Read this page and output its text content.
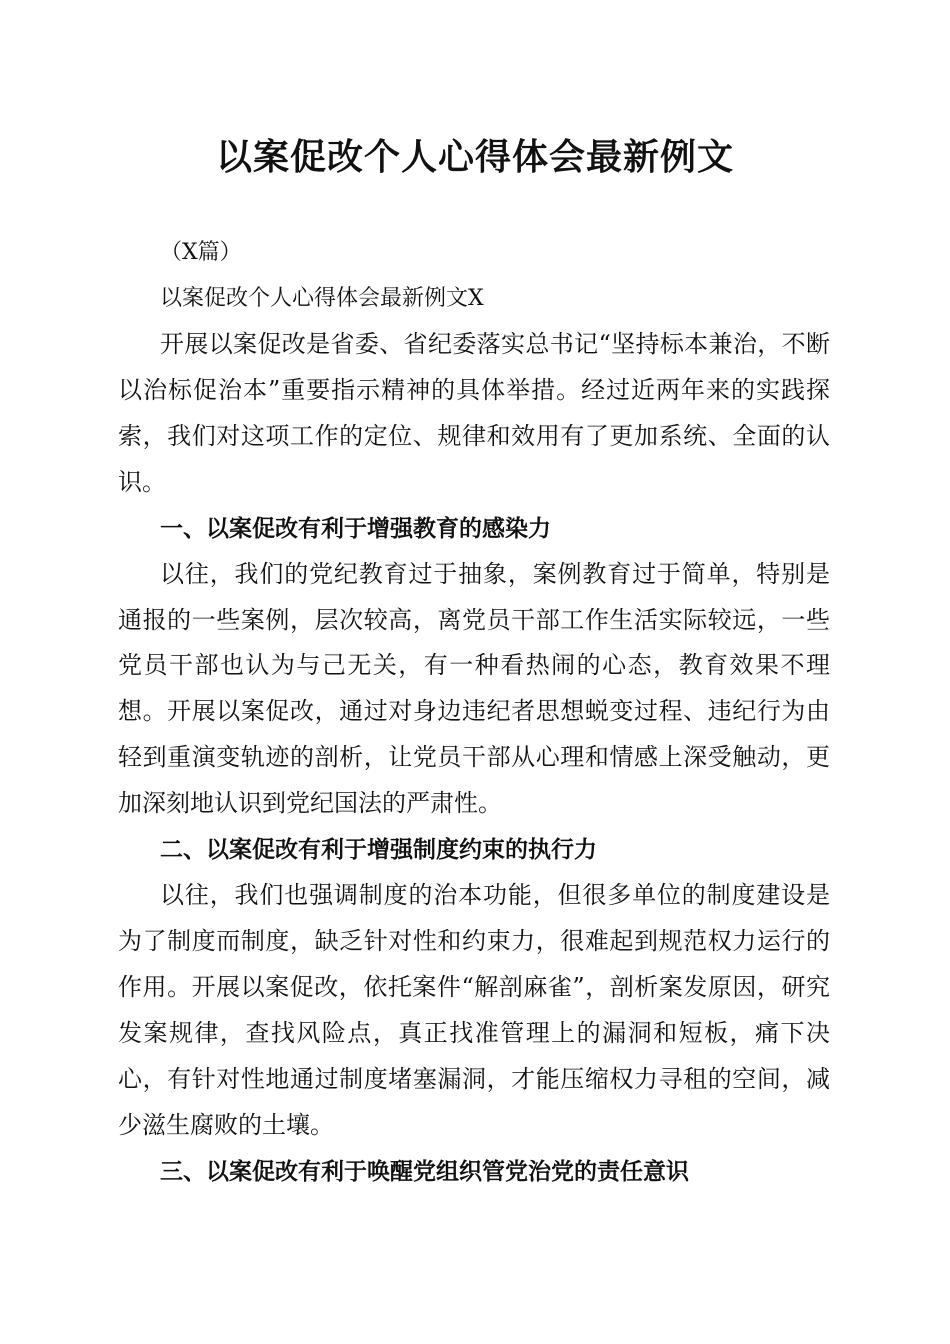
以案促改个人心得体会最新例文

（X篇）

以案促改个人心得体会最新例文X

开展以案促改是省委、省纪委落实总书记“坚持标本兼治，不断以治标促治本”重要指示精神的具体举措。经过近两年来的实践探索，我们对这项工作的定位、规律和效用有了更加系统、全面的认识。

一、以案促改有利于增强教育的感染力

以往，我们的党纪教育过于抽象，案例教育过于简单，特别是通报的一些案例，层次较高，离党员干部工作生活实际较远，一些党员干部也认为与己无关，有一种看热闹的心态，教育效果不理想。开展以案促改，通过对身边违纪者思想蜕变过程、违纪行为由轻到重演变轨迹的剖析，让党员干部从心理和情感上深受触动，更加深刻地认识到党纪国法的严肃性。

二、以案促改有利于增强制度约束的执行力

以往，我们也强调制度的治本功能，但很多单位的制度建设是为了制度而制度，缺乏针对性和约束力，很难起到规范权力运行的作用。开展以案促改，依托案件“解剖麻雀”，剖析案发原因，研究发案规律，查找风险点，真正找准管理上的漏洞和短板，痛下决心，有针对性地通过制度堵塞漏洞，才能压缩权力寻租的空间，减少滋生腐败的土壤。

三、以案促改有利于唤醒党组织管党治党的责任意识
